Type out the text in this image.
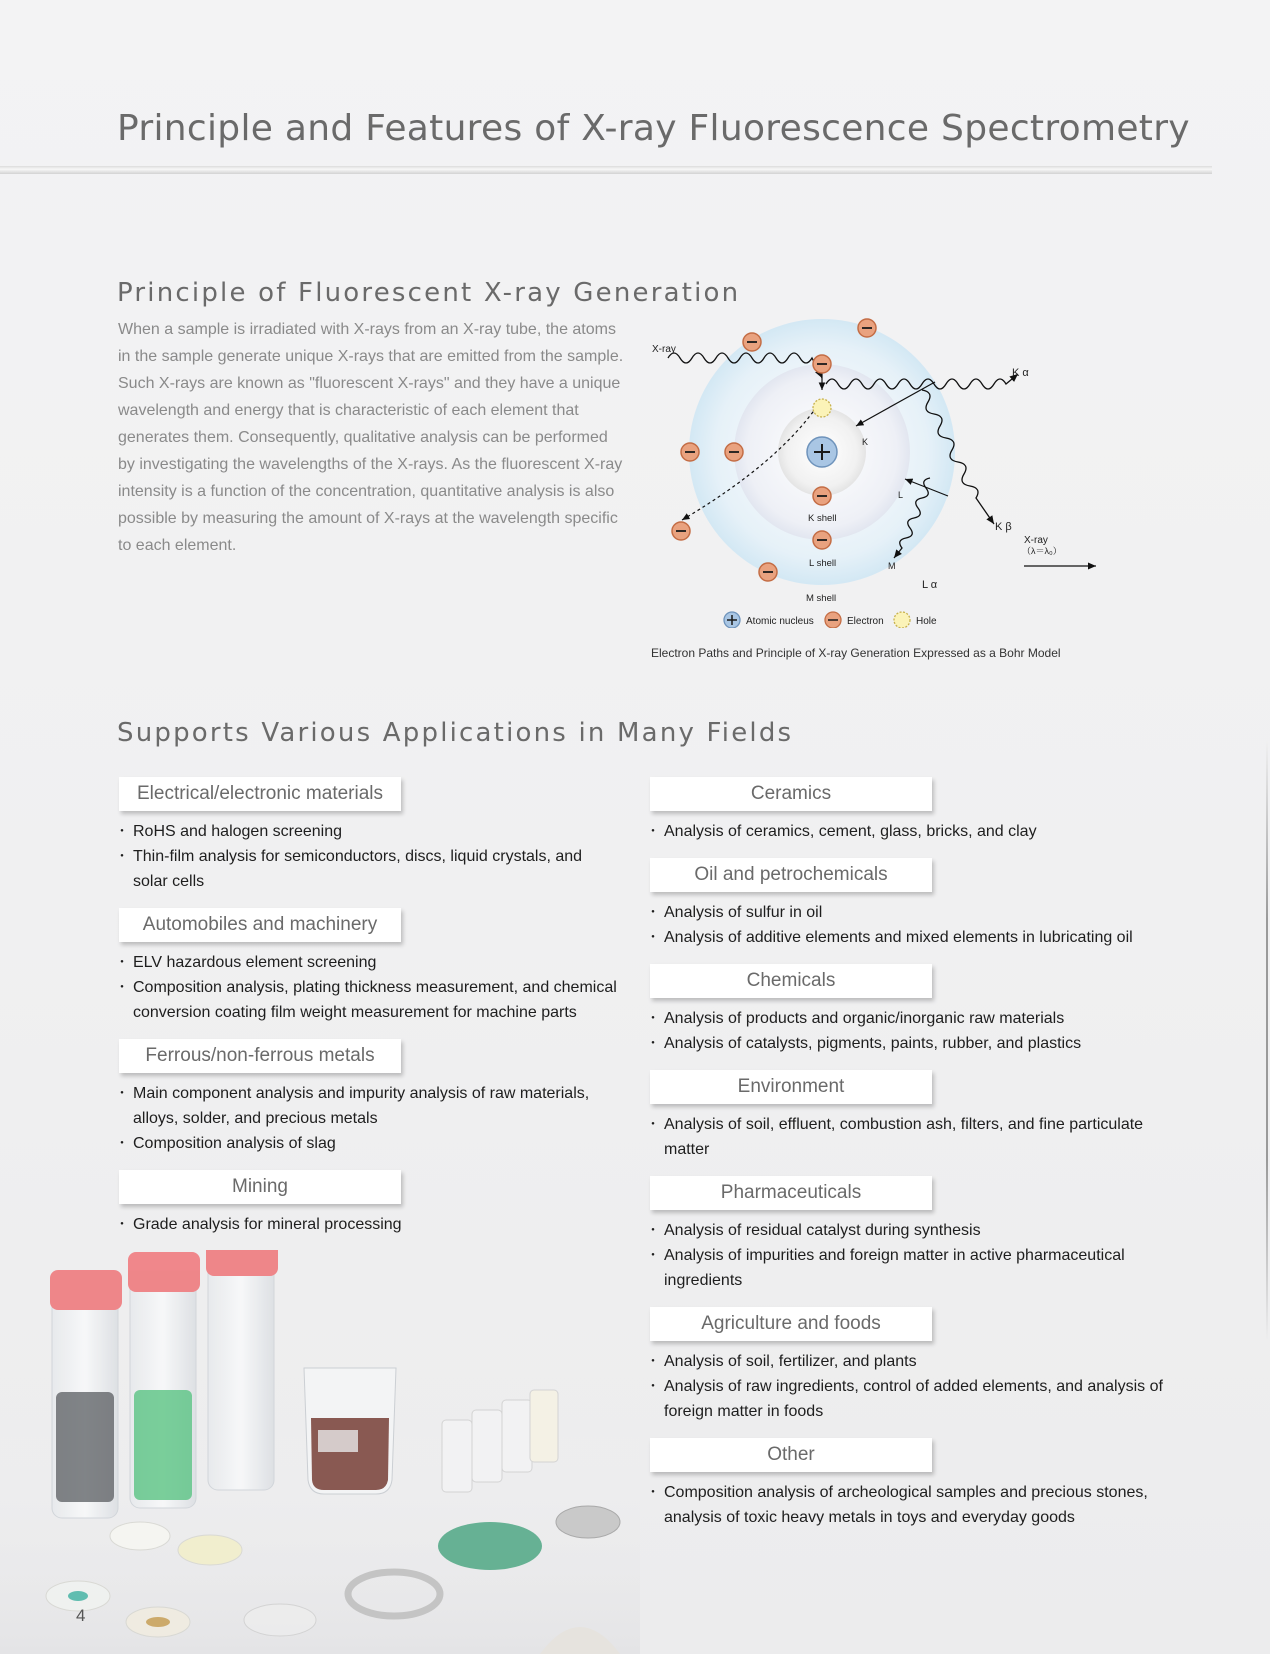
Principle and Features of X-ray Fluorescence Spectrometry
Principle of Fluorescent X-ray Generation

When a sample is irradiated with X-rays from an X-ray tube, the atoms in the sample generate unique X-rays that are emitted from the sample. Such X-rays are known as "fluorescent X-rays" and they have a unique wavelength and energy that is characteristic of each element that generates them. Consequently, qualitative analysis can be performed by investigating the wavelengths of the X-rays. As the fluorescent X-ray intensity is a function of the concentration, quantitative analysis is also possible by measuring the amount of X-rays at the wavelength specific to each element.

X-ray
K α
K β
L α
X-ray
（λ＝λ₀）
K
L
M
K shell
L shell
M shell
Atomic nucleus	Electron	Hole
Electron Paths and Principle of X-ray Generation Expressed as a Bohr Model
Supports Various Applications in Many Fields
Electrical/electronic materials
・ RoHS and halogen screening
・ Thin-film analysis for semiconductors, discs, liquid crystals, and solar cells
Automobiles and machinery
・ ELV hazardous element screening
・ Composition analysis, plating thickness measurement, and chemical conversion coating film weight measurement for machine parts
Ferrous/non-ferrous metals
・ Main component analysis and impurity analysis of raw materials, alloys, solder, and precious metals
・ Composition analysis of slag
Mining
・ Grade analysis for mineral processing
Ceramics
・ Analysis of ceramics, cement, glass, bricks, and clay
Oil and petrochemicals
・ Analysis of sulfur in oil
・ Analysis of additive elements and mixed elements in lubricating oil
Chemicals
・ Analysis of products and organic/inorganic raw materials
・ Analysis of catalysts, pigments, paints, rubber, and plastics
Environment
・ Analysis of soil, effluent, combustion ash, filters, and fine particulate matter
Pharmaceuticals
・ Analysis of residual catalyst during synthesis
・ Analysis of impurities and foreign matter in active pharmaceutical ingredients
Agriculture and foods
・ Analysis of soil, fertilizer, and plants
・ Analysis of raw ingredients, control of added elements, and analysis of foreign matter in foods
Other
・ Composition analysis of archeological samples and precious stones, analysis of toxic heavy metals in toys and everyday goods
4
